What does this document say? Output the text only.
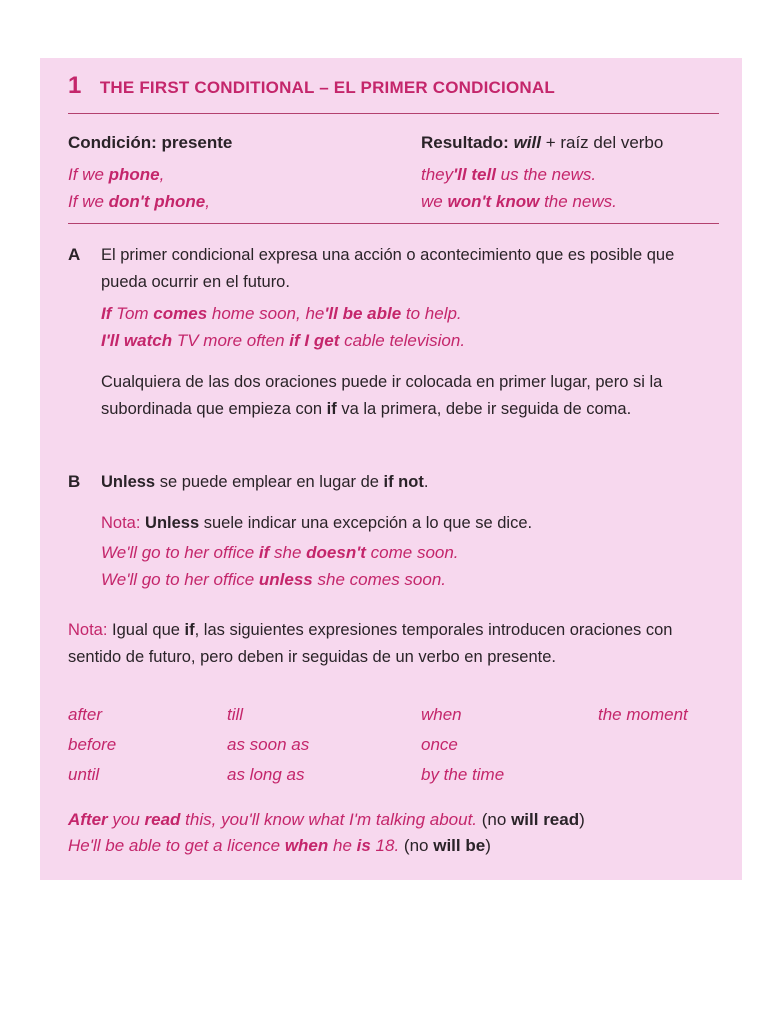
1 THE FIRST CONDITIONAL – EL PRIMER CONDICIONAL
Condición: presente	Resultado: will + raíz del verbo
If we phone,	they'll tell us the news.
If we don't phone,	we won't know the news.
A El primer condicional expresa una acción o acontecimiento que es posible que pueda ocurrir en el futuro.
If Tom comes home soon, he'll be able to help.
I'll watch TV more often if I get cable television.
Cualquiera de las dos oraciones puede ir colocada en primer lugar, pero si la subordinada que empieza con if va la primera, debe ir seguida de coma.
B Unless se puede emplear en lugar de if not.
Nota: Unless suele indicar una excepción a lo que se dice.
We'll go to her office if she doesn't come soon.
We'll go to her office unless she comes soon.
Nota: Igual que if, las siguientes expresiones temporales introducen oraciones con sentido de futuro, pero deben ir seguidas de un verbo en presente.
after	till	when	the moment
before	as soon as	once
until	as long as	by the time
After you read this, you'll know what I'm talking about. (no will read)
He'll be able to get a licence when he is 18. (no will be)
